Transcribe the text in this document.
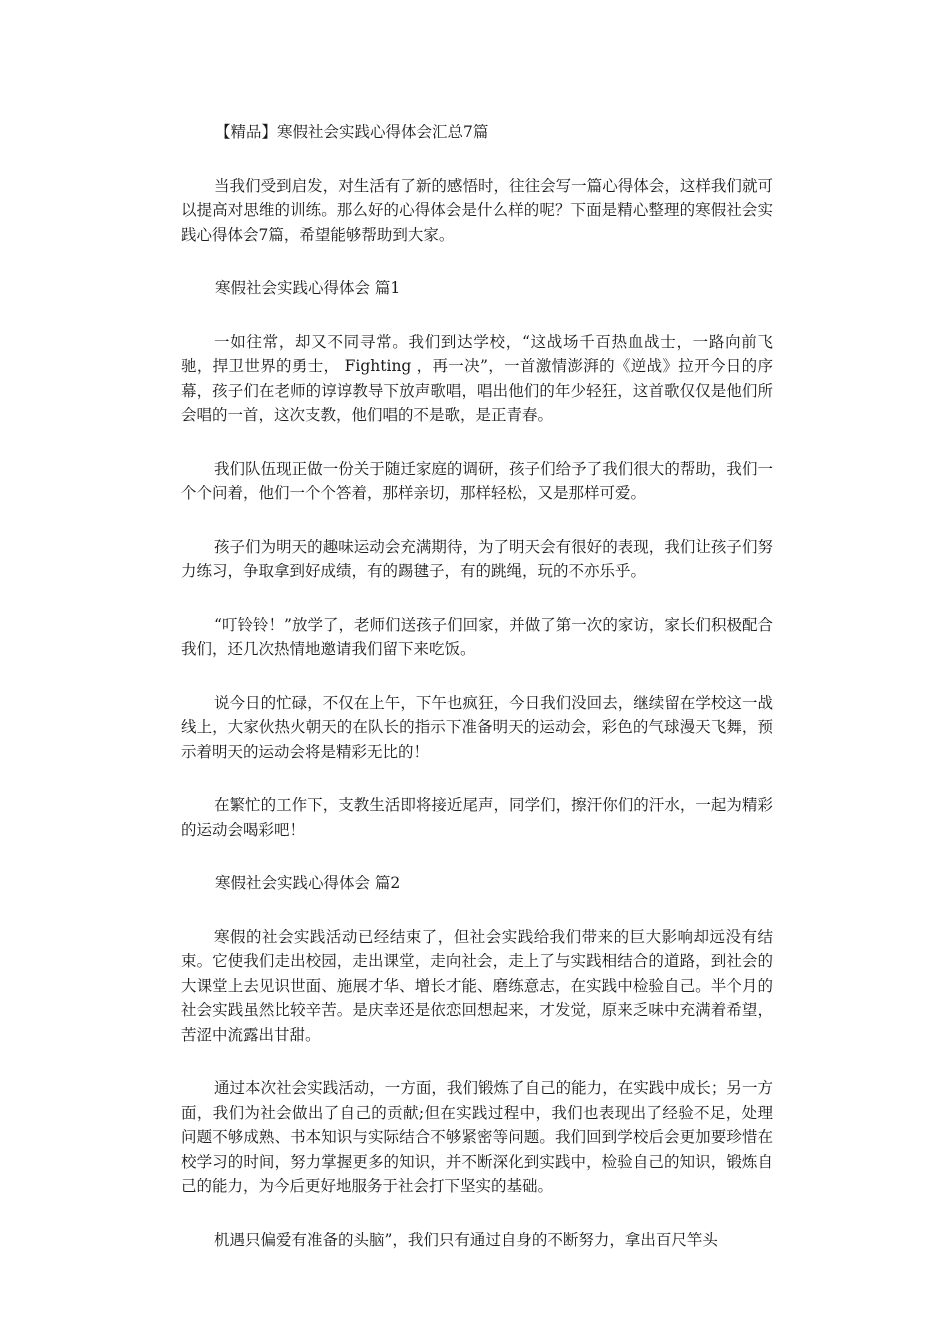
【精品】寒假社会实践心得体会汇总7篇

当我们受到启发，对生活有了新的感悟时，往往会写一篇心得体会，这样我们就可以提高对思维的训练。那么好的心得体会是什么样的呢？下面是精心整理的寒假社会实践心得体会7篇，希望能够帮助到大家。

寒假社会实践心得体会 篇1

一如往常，却又不同寻常。我们到达学校，“这战场千百热血战士，一路向前飞驰，捍卫世界的勇士， Fighting ，再一决”，一首激情澎湃的《逆战》拉开今日的序幕，孩子们在老师的谆谆教导下放声歌唱，唱出他们的年少轻狂，这首歌仅仅是他们所会唱的一首，这次支教，他们唱的不是歌，是正青春。

我们队伍现正做一份关于随迁家庭的调研，孩子们给予了我们很大的帮助，我们一个个问着，他们一个个答着，那样亲切，那样轻松，又是那样可爱。

孩子们为明天的趣味运动会充满期待，为了明天会有很好的表现，我们让孩子们努力练习，争取拿到好成绩，有的踢毽子，有的跳绳，玩的不亦乐乎。

“叮铃铃！”放学了，老师们送孩子们回家，并做了第一次的家访，家长们积极配合我们，还几次热情地邀请我们留下来吃饭。

说今日的忙碌，不仅在上午，下午也疯狂，今日我们没回去，继续留在学校这一战线上，大家伙热火朝天的在队长的指示下准备明天的运动会，彩色的气球漫天飞舞，预示着明天的运动会将是精彩无比的！

在繁忙的工作下，支教生活即将接近尾声，同学们，擦汗你们的汗水，一起为精彩的运动会喝彩吧！

寒假社会实践心得体会 篇2

寒假的社会实践活动已经结束了，但社会实践给我们带来的巨大影响却远没有结束。它使我们走出校园，走出课堂，走向社会，走上了与实践相结合的道路，到社会的大课堂上去见识世面、施展才华、增长才能、磨练意志，在实践中检验自己。半个月的社会实践虽然比较辛苦。是庆幸还是依恋回想起来，才发觉，原来乏味中充满着希望，苦涩中流露出甘甜。

通过本次社会实践活动，一方面，我们锻炼了自己的能力，在实践中成长；另一方面，我们为社会做出了自己的贡献;但在实践过程中，我们也表现出了经验不足，处理问题不够成熟、书本知识与实际结合不够紧密等问题。我们回到学校后会更加要珍惜在校学习的时间，努力掌握更多的知识，并不断深化到实践中，检验自己的知识，锻炼自己的能力，为今后更好地服务于社会打下坚实的基础。

机遇只偏爱有准备的头脑”，我们只有通过自身的不断努力，拿出百尺竿头
